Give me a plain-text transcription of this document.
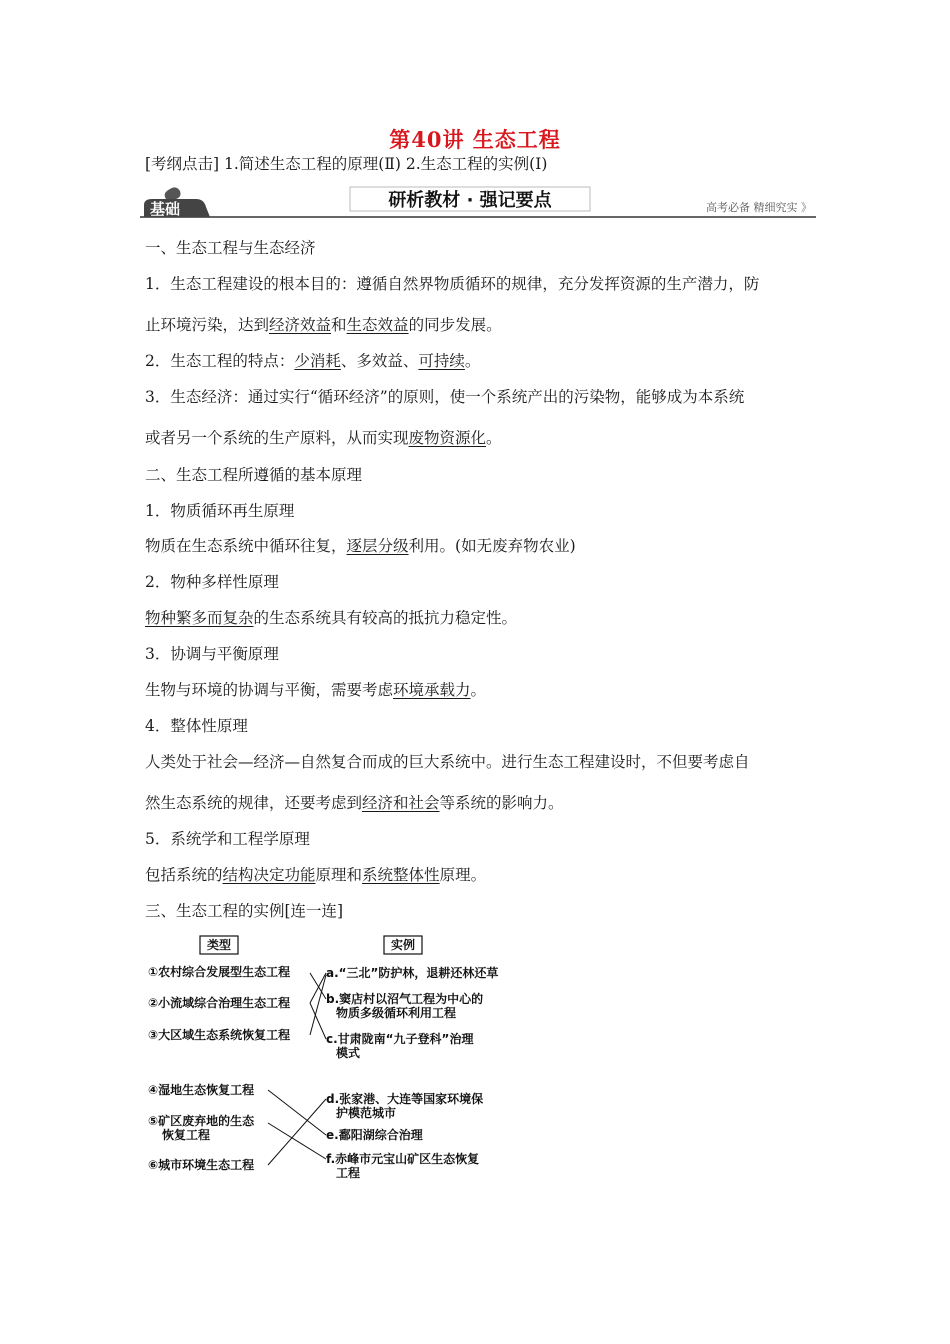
第40讲 生态工程
[考纲点击] 1.简述生态工程的原理(Ⅱ) 2.生态工程的实例(Ⅰ)
基础	研析教材 · 强记要点	高考必备 精细究实 》
一、生态工程与生态经济
1．生态工程建设的根本目的：遵循自然界物质循环的规律，充分发挥资源的生产潜力，防
止环境污染，达到经济效益和生态效益的同步发展。
2．生态工程的特点：少消耗、多效益、可持续。
3．生态经济：通过实行“循环经济”的原则，使一个系统产出的污染物，能够成为本系统
或者另一个系统的生产原料，从而实现废物资源化。
二、生态工程所遵循的基本原理
1．物质循环再生原理
物质在生态系统中循环往复，逐层分级利用。(如无废弃物农业)
2．物种多样性原理
物种繁多而复杂的生态系统具有较高的抵抗力稳定性。
3．协调与平衡原理
生物与环境的协调与平衡，需要考虑环境承载力。
4．整体性原理
人类处于社会—经济—自然复合而成的巨大系统中。进行生态工程建设时，不但要考虑自
然生态系统的规律，还要考虑到经济和社会等系统的影响力。
5．系统学和工程学原理
包括系统的结构决定功能原理和系统整体性原理。
三、生态工程的实例[连一连]
类型	实例
①农村综合发展型生态工程
②小流域综合治理生态工程
③大区域生态系统恢复工程
④湿地生态恢复工程
⑤矿区废弃地的生态
恢复工程
⑥城市环境生态工程
a.“三北”防护林，退耕还林还草
b.窦店村以沼气工程为中心的
物质多级循环利用工程
c.甘肃陇南“九子登科”治理
模式
d.张家港、大连等国家环境保
护模范城市
e.鄱阳湖综合治理
f.赤峰市元宝山矿区生态恢复
工程
